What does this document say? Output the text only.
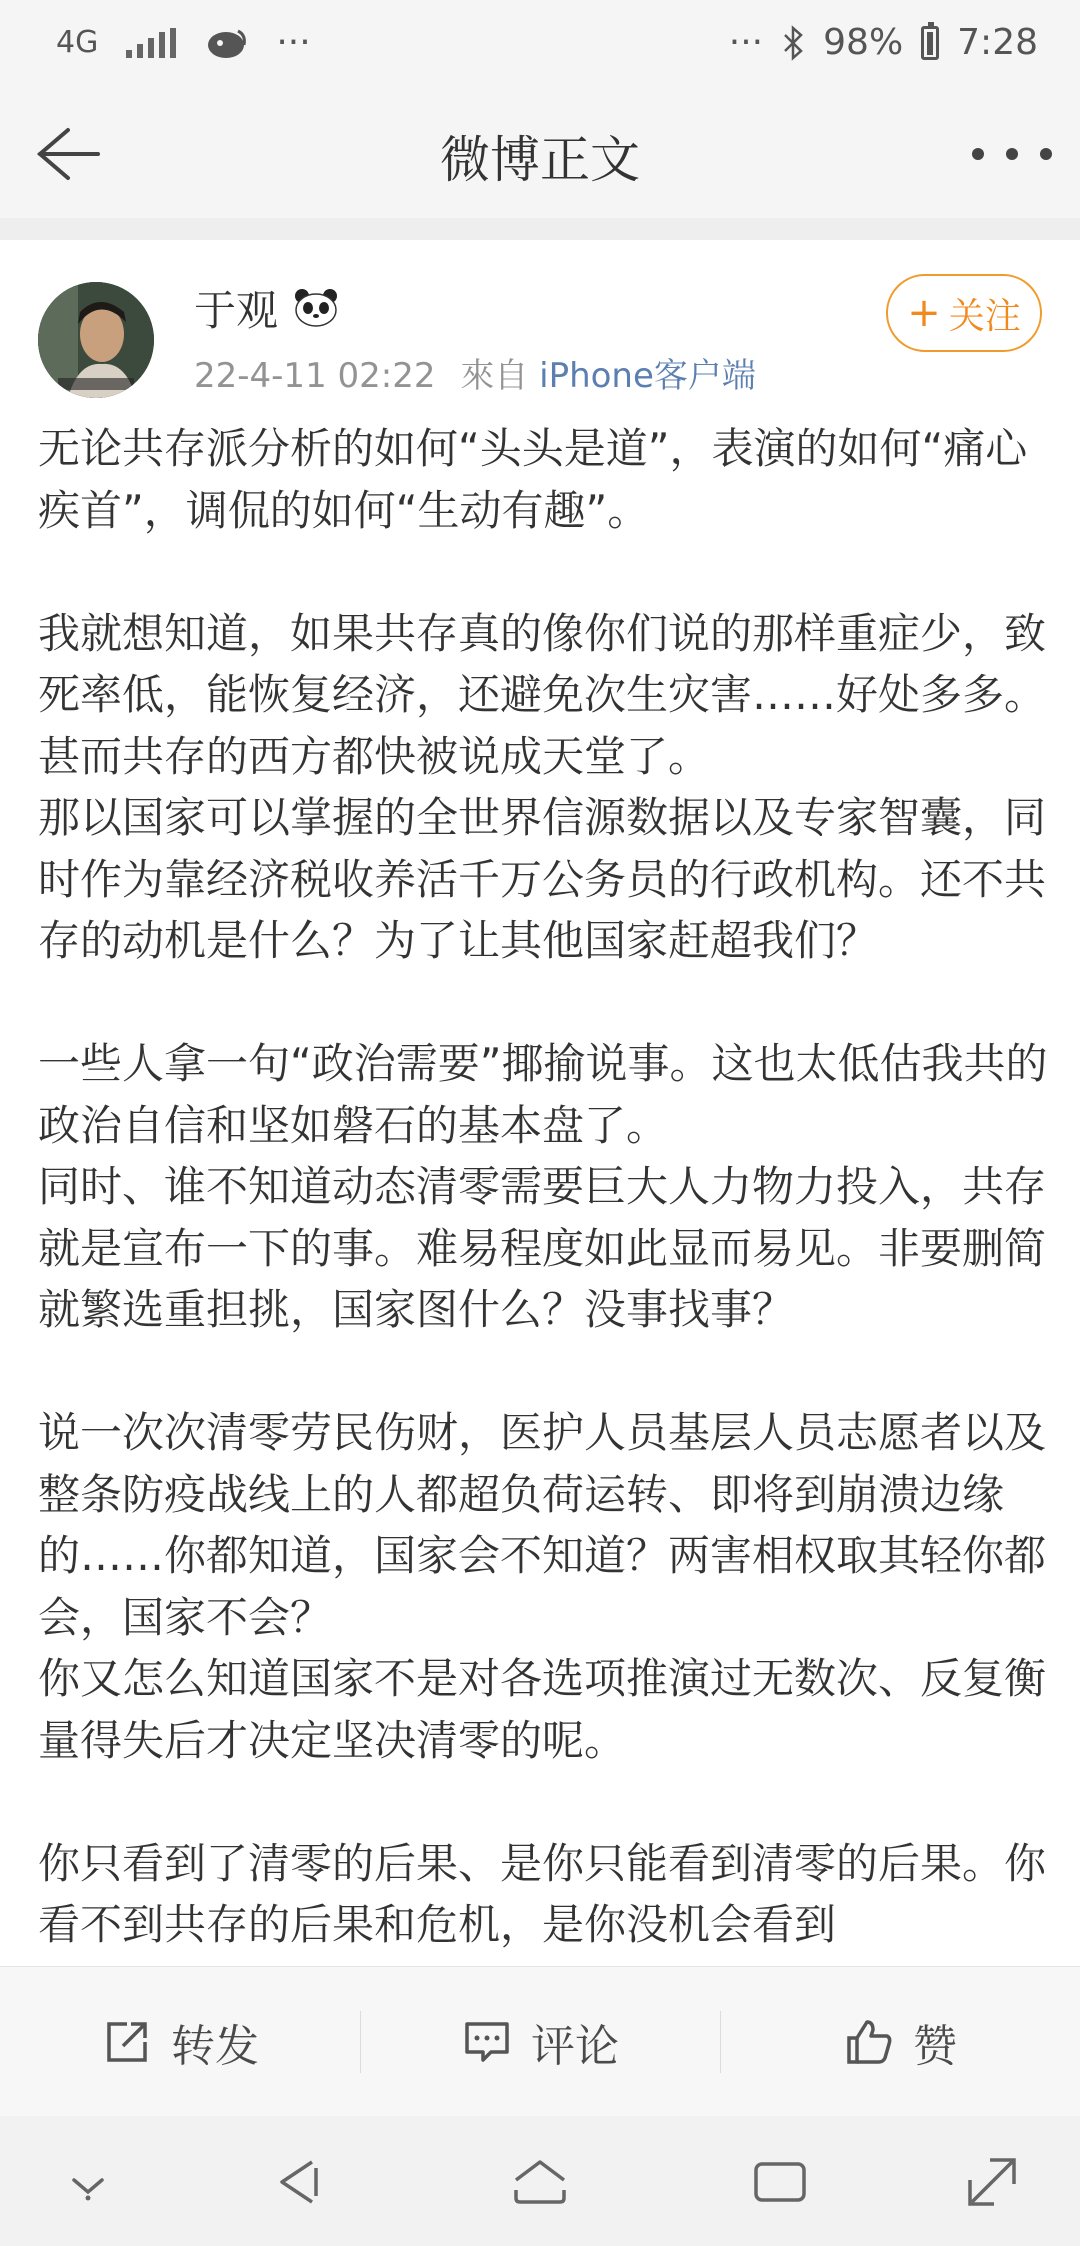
4G	···	··· 98% 7:28
微博正文
于观
22-4-11 02:22 來自 iPhone客户端
+ 关注

无论共存派分析的如何“头头是道”，表演的如何“痛心疾首”，调侃的如何“生动有趣”。

我就想知道，如果共存真的像你们说的那样重症少，致死率低，能恢复经济，还避免次生灾害……好处多多。甚而共存的西方都快被说成天堂了。

那以国家可以掌握的全世界信源数据以及专家智囊，同时作为靠经济税收养活千万公务员的行政机构。还不共存的动机是什么？为了让其他国家赶超我们？

一些人拿一句“政治需要”揶揄说事。这也太低估我共的政治自信和坚如磐石的基本盘了。

同时、谁不知道动态清零需要巨大人力物力投入，共存就是宣布一下的事。难易程度如此显而易见。非要删简就繁选重担挑，国家图什么？没事找事？

说一次次清零劳民伤财，医护人员基层人员志愿者以及整条防疫战线上的人都超负荷运转、即将到崩溃边缘的……你都知道，国家会不知道？两害相权取其轻你都会，国家不会？

你又怎么知道国家不是对各选项推演过无数次、反复衡量得失后才决定坚决清零的呢。

你只看到了清零的后果、是你只能看到清零的后果。你看不到共存的后果和危机，是你没机会看到

转发	评论	赞
